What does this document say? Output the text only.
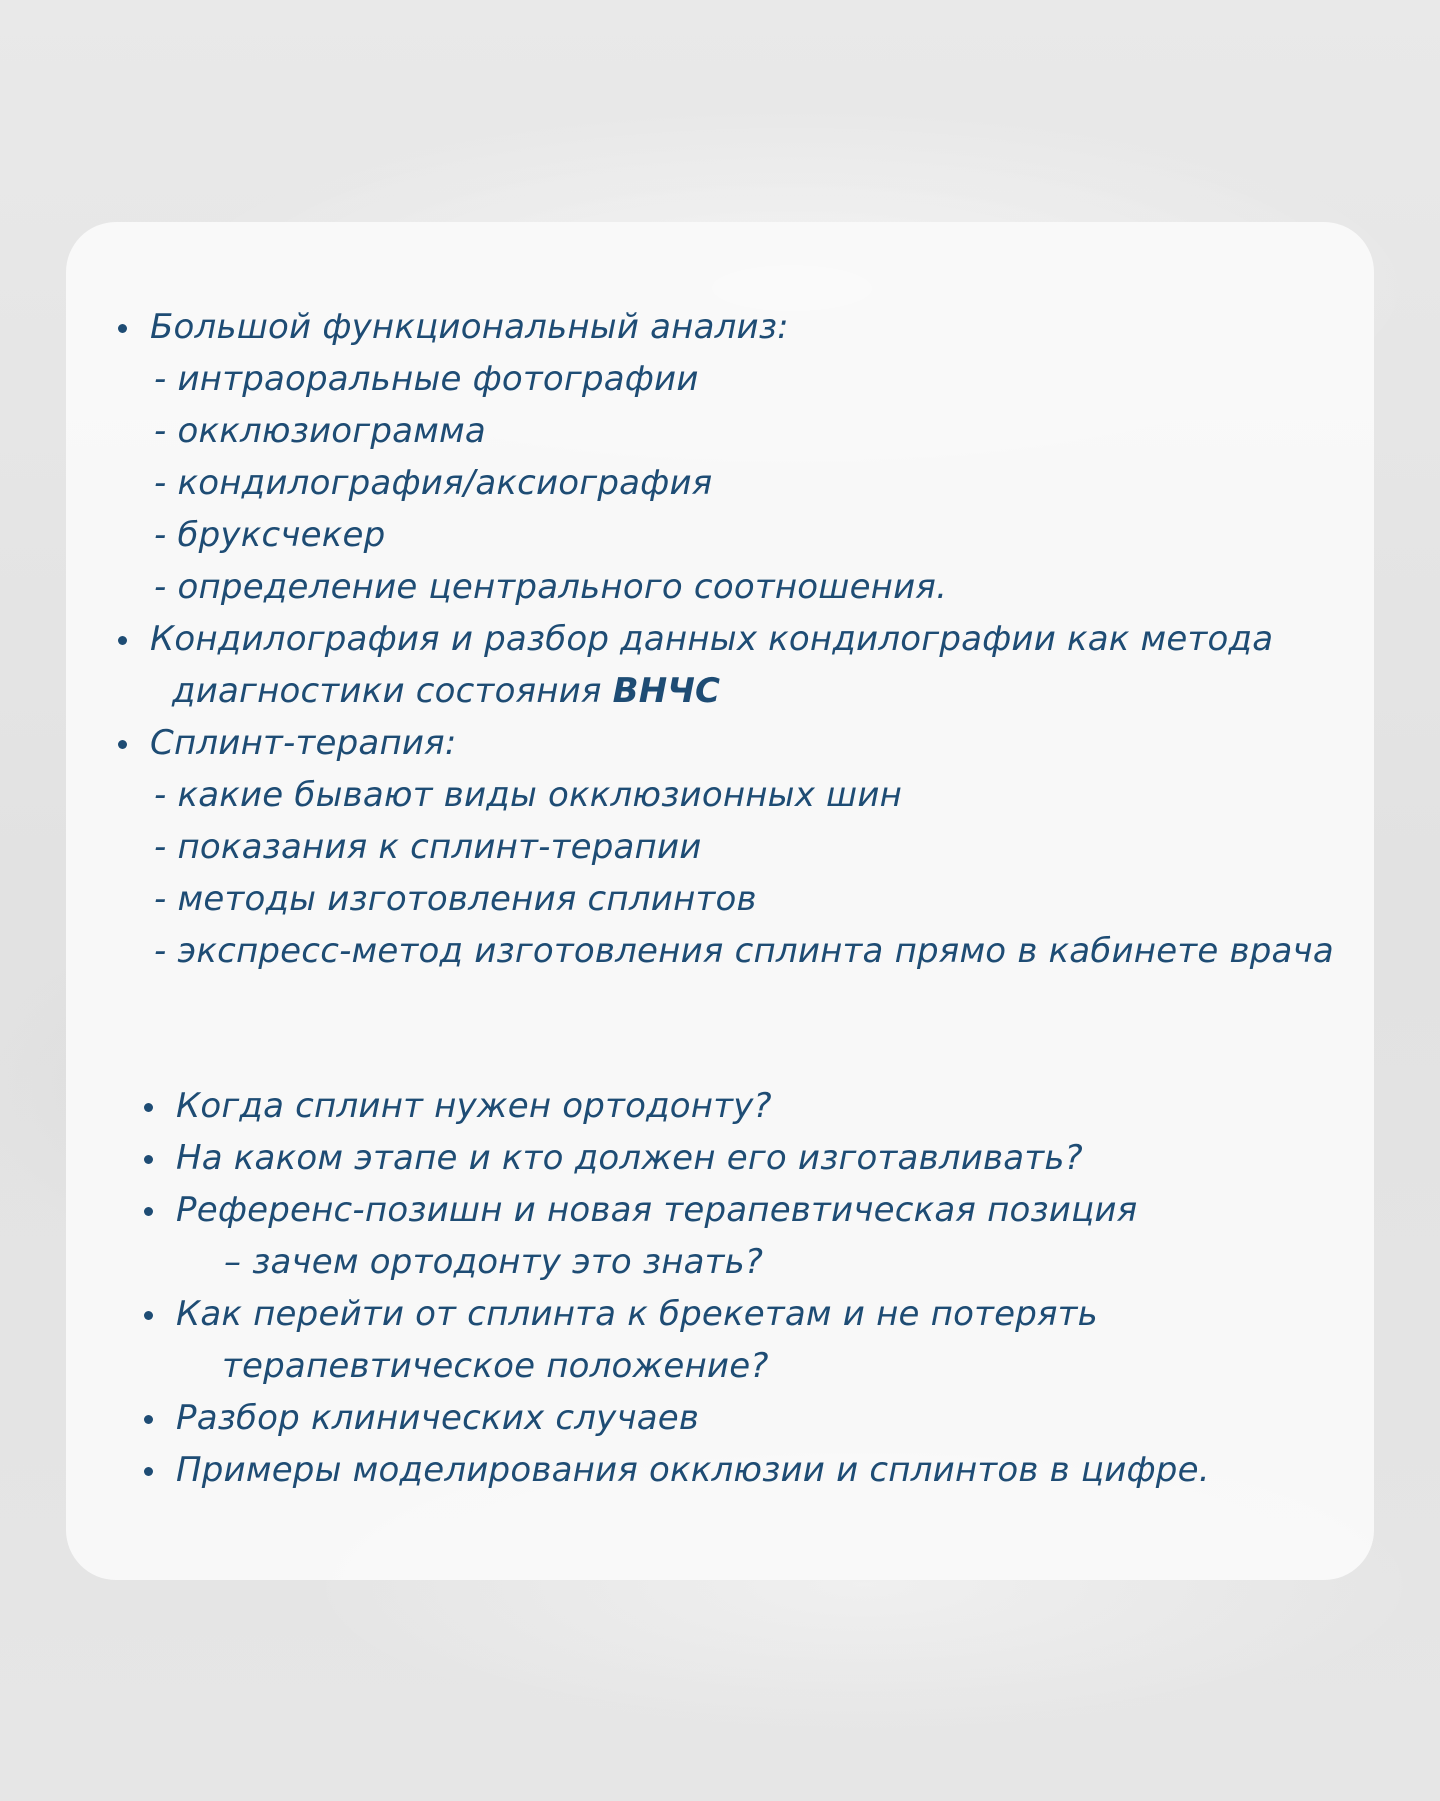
Большой функциональный анализ:
- интраоральные фотографии
- окклюзиограмма
- кондилография/аксиография
- бруксчекер
- определение центрального соотношения.
Кондилография и разбор данных кондилографии как метода
диагностики состояния ВНЧС
Сплинт-терапия:
- какие бывают виды окклюзионных шин
- показания к сплинт-терапии
- методы изготовления сплинтов
- экспресс-метод изготовления сплинта прямо в кабинете врача
Когда сплинт нужен ортодонту?
На каком этапе и кто должен его изготавливать?
Референс-позишн и новая терапевтическая позиция
– зачем ортодонту это знать?
Как перейти от сплинта к брекетам и не потерять
терапевтическое положение?
Разбор клинических случаев
Примеры моделирования окклюзии и сплинтов в цифре.
